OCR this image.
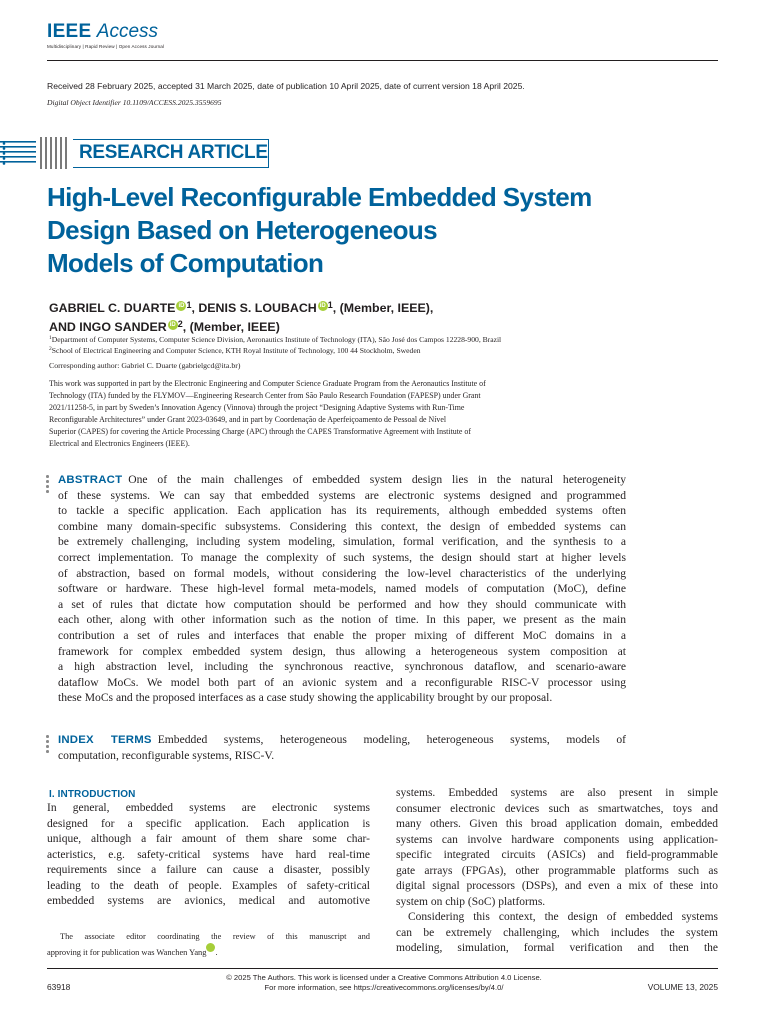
IEEE Access
Multidisciplinary | Rapid Review | Open Access Journal
Received 28 February 2025, accepted 31 March 2025, date of publication 10 April 2025, date of current version 18 April 2025.
Digital Object Identifier 10.1109/ACCESS.2025.3559695
RESEARCH ARTICLE
High-Level Reconfigurable Embedded System
Design Based on Heterogeneous
Models of Computation
GABRIEL C. DUARTE iD $^1$, DENIS S. LOUBACH iD $^1$, (Member, IEEE),
AND INGO SANDER iD $^2$, (Member, IEEE)
$^1$Department of Computer Systems, Computer Science Division, Aeronautics Institute of Technology (ITA), São José dos Campos 12228-900, Brazil
$^2$School of Electrical Engineering and Computer Science, KTH Royal Institute of Technology, 100 44 Stockholm, Sweden
Corresponding author: Gabriel C. Duarte (gabrielgcd@ita.br)
This work was supported in part by the Electronic Engineering and Computer Science Graduate Program from the Aeronautics Institute of
Technology (ITA) funded by the FLYMOV—Engineering Research Center from São Paulo Research Foundation (FAPESP) under Grant
2021/11258-5, in part by Sweden’s Innovation Agency (Vinnova) through the project “Designing Adaptive Systems with Run-Time
Reconfigurable Architectures” under Grant 2023-03649, and in part by Coordenação de Aperfeiçoamento de Pessoal de Nível
Superior (CAPES) for covering the Article Processing Charge (APC) through the CAPES Transformative Agreement with Institute of
Electrical and Electronics Engineers (IEEE).
ABSTRACT One of the main challenges of embedded system design lies in the natural heterogeneity
of these systems. We can say that embedded systems are electronic systems designed and programmed
to tackle a specific application. Each application has its requirements, although embedded systems often
combine many domain-specific subsystems. Considering this context, the design of embedded systems can
be extremely challenging, including system modeling, simulation, formal verification, and the synthesis to a
correct implementation. To manage the complexity of such systems, the design should start at higher levels
of abstraction, based on formal models, without considering the low-level characteristics of the underlying
software or hardware. These high-level formal meta-models, named models of computation (MoC), define
a set of rules that dictate how computation should be performed and how they should communicate with
each other, along with other information such as the notion of time. In this paper, we present as the main
contribution a set of rules and interfaces that enable the proper mixing of different MoC domains in a
framework for complex embedded system design, thus allowing a heterogeneous system composition at
a high abstraction level, including the synchronous reactive, synchronous dataflow, and scenario-aware
dataflow MoCs. We model both part of an avionic system and a reconfigurable RISC-V processor using
these MoCs and the proposed interfaces as a case study showing the applicability brought by our proposal.
INDEX TERMS Embedded systems, heterogeneous modeling, heterogeneous systems, models of
computation, reconfigurable systems, RISC-V.
I. INTRODUCTION
In general, embedded systems are electronic systems
designed for a specific application. Each application is
unique, although a fair amount of them share some char-
acteristics, e.g. safety-critical systems have hard real-time
requirements since a failure can cause a disaster, possibly
leading to the death of people. Examples of safety-critical
embedded systems are avionics, medical and automotive
systems. Embedded systems are also present in simple
consumer electronic devices such as smartwatches, toys and
many others. Given this broad application domain, embedded
systems can involve hardware components using application-
specific integrated circuits (ASICs) and field-programmable
gate arrays (FPGAs), other programmable platforms such as
digital signal processors (DSPs), and even a mix of these into
system on chip (SoC) platforms.
Considering this context, the design of embedded systems
can be extremely challenging, which includes the system
modeling, simulation, formal verification and then the
The associate editor coordinating the review of this manuscript and
approving it for publication was Wanchen Yang .
© 2025 The Authors. This work is licensed under a Creative Commons Attribution 4.0 License.
For more information, see https://creativecommons.org/licenses/by/4.0/
63918	VOLUME 13, 2025
